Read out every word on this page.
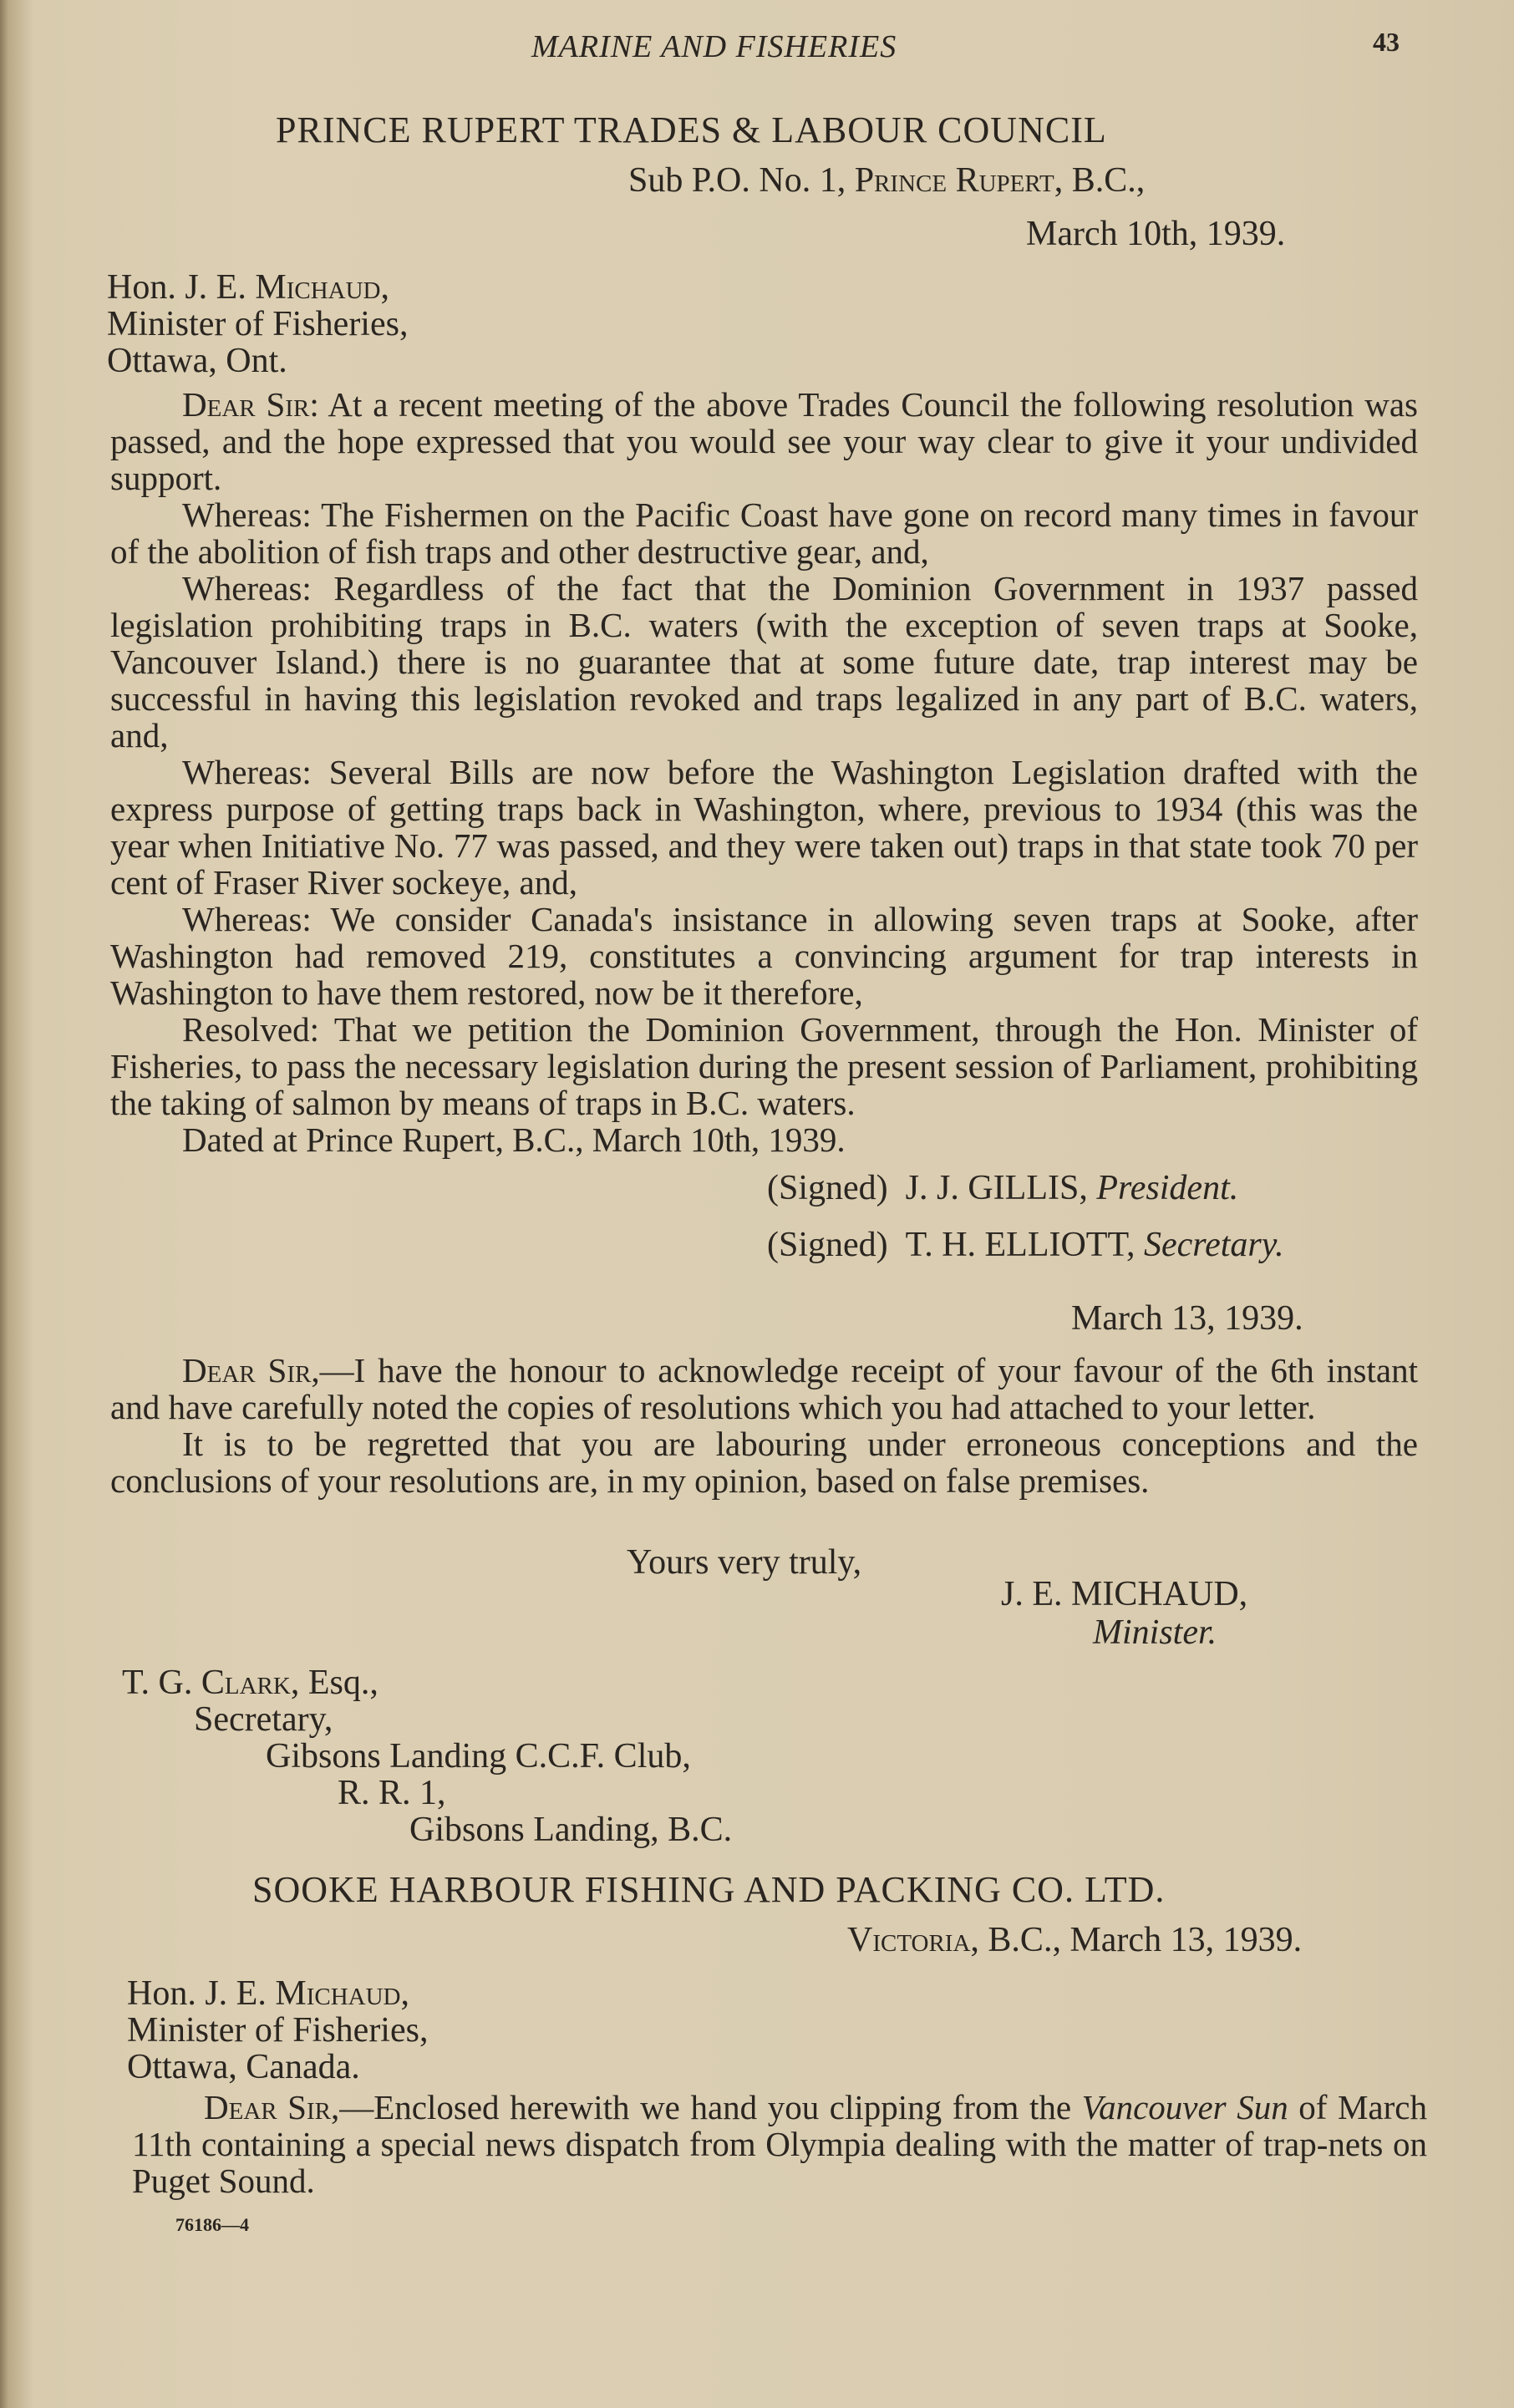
MARINE AND FISHERIES	43
PRINCE RUPERT TRADES & LABOUR COUNCIL
Sub P.O. No. 1, Prince Rupert, B.C.,
March 10th, 1939.
Hon. J. E. Michaud,
Minister of Fisheries,
Ottawa, Ont.

Dear Sir: At a recent meeting of the above Trades Council the following resolution was passed, and the hope expressed that you would see your way clear to give it your undivided support.

Whereas: The Fishermen on the Pacific Coast have gone on record many times in favour of the abolition of fish traps and other destructive gear, and,

Whereas: Regardless of the fact that the Dominion Government in 1937 passed legislation prohibiting traps in B.C. waters (with the exception of seven traps at Sooke, Vancouver Island.) there is no guarantee that at some future date, trap interest may be successful in having this legislation revoked and traps legalized in any part of B.C. waters, and,

Whereas: Several Bills are now before the Washington Legislation drafted with the express purpose of getting traps back in Washington, where, previous to 1934 (this was the year when Initiative No. 77 was passed, and they were taken out) traps in that state took 70 per cent of Fraser River sockeye, and,

Whereas: We consider Canada's insistance in allowing seven traps at Sooke, after Washington had removed 219, constitutes a convincing argument for trap interests in Washington to have them restored, now be it therefore,

Resolved: That we petition the Dominion Government, through the Hon. Minister of Fisheries, to pass the necessary legislation during the present session of Parliament, prohibiting the taking of salmon by means of traps in B.C. waters.

Dated at Prince Rupert, B.C., March 10th, 1939.

(Signed) J. J. GILLIS, President.
(Signed) T. H. ELLIOTT, Secretary.
March 13, 1939.

Dear Sir,—I have the honour to acknowledge receipt of your favour of the 6th instant and have carefully noted the copies of resolutions which you had attached to your letter.

It is to be regretted that you are labouring under erroneous conceptions and the conclusions of your resolutions are, in my opinion, based on false premises.

Yours very truly,
J. E. MICHAUD,
Minister.
T. G. Clark, Esq.,
Secretary,
Gibsons Landing C.C.F. Club,
R. R. 1,
Gibsons Landing, B.C.
SOOKE HARBOUR FISHING AND PACKING CO. LTD.
Victoria, B.C., March 13, 1939.
Hon. J. E. Michaud,
Minister of Fisheries,
Ottawa, Canada.

Dear Sir,—Enclosed herewith we hand you clipping from the Vancouver Sun of March 11th containing a special news dispatch from Olympia dealing with the matter of trap-nets on Puget Sound.

76186—4
